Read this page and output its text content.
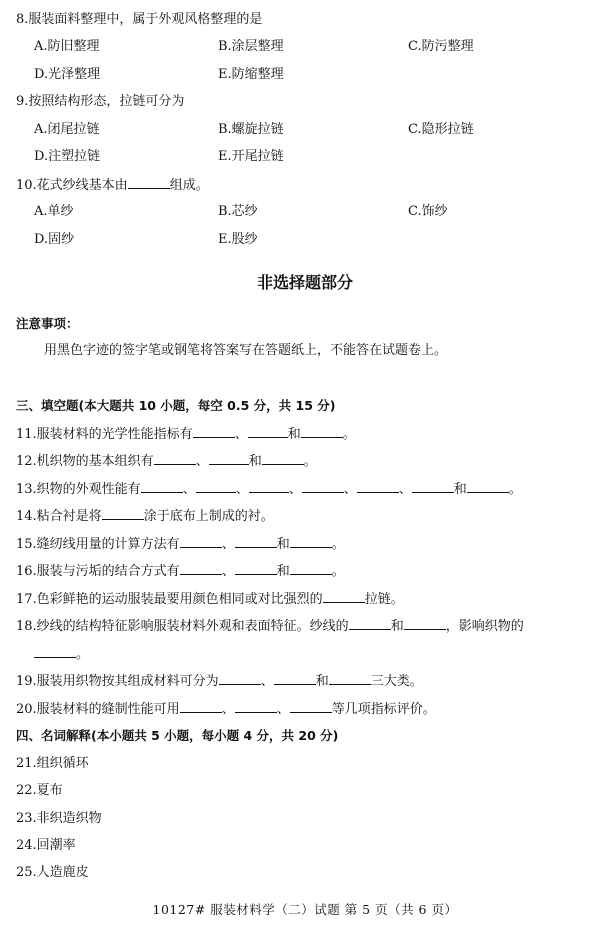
8.服装面料整理中，属于外观风格整理的是
A.防旧整理	B.涂层整理	C.防污整理
D.光泽整理	E.防缩整理
9.按照结构形态，拉链可分为
A.闭尾拉链	B.螺旋拉链	C.隐形拉链
D.注塑拉链	E.开尾拉链
10.花式纱线基本由	组成。
A.单纱	B.芯纱	C.饰纱
D.固纱	E.股纱
非选择题部分
注意事项：
用黑色字迹的签字笔或钢笔将答案写在答题纸上，不能答在试题卷上。
三、填空题(本大题共 10 小题，每空 0.5 分，共 15 分)
11.服装材料的光学性能指标有	、	和	。
12.机织物的基本组织有	、	和	。
13.织物的外观性能有	、	、	、	、	、	和	。
14.粘合衬是将	涂于底布上制成的衬。
15.缝纫线用量的计算方法有	、	和	。
16.服装与污垢的结合方式有	、	和	。
17.色彩鲜艳的运动服装最要用颜色相同或对比强烈的	拉链。
18.纱线的结构特征影响服装材料外观和表面特征。纱线的	和	，影响织物的
。
19.服装用织物按其组成材料可分为	、	和	三大类。
20.服装材料的缝制性能可用	、	、	等几项指标评价。
四、名词解释(本小题共 5 小题，每小题 4 分，共 20 分)
21.组织循环
22.夏布
23.非织造织物
24.回潮率
25.人造鹿皮
10127# 服装材料学（二）试题 第 5 页（共 6 页）
